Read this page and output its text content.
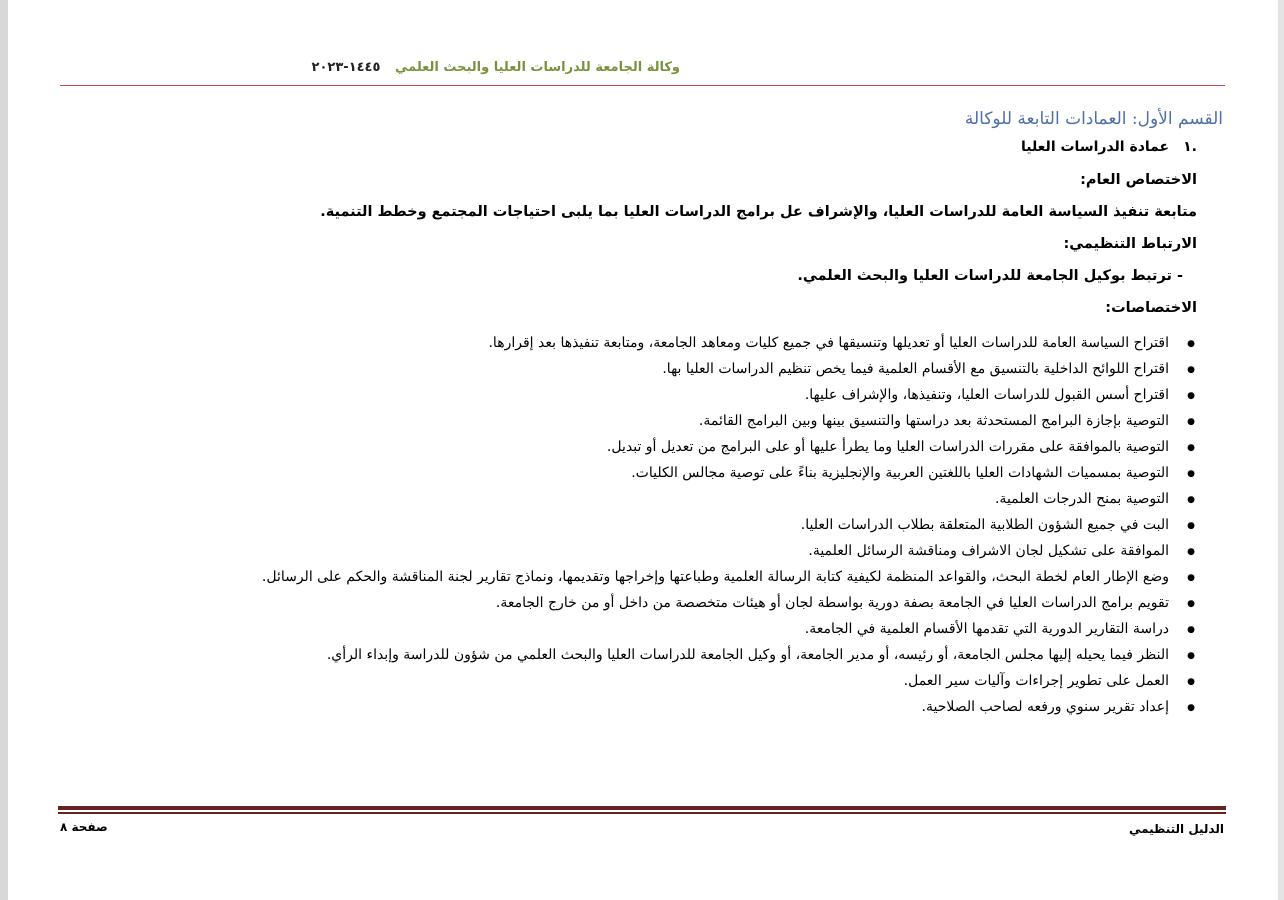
وكالة الجامعة للدراسات العليا والبحث العلمي ١٤٤٥-٢٠٢٣
القسم الأول: العمادات التابعة للوكالة
.١عمادة الدراسات العليا
الاختصاص العام:
متابعة تنفيذ السياسة العامة للدراسات العليا، والإشراف عل برامج الدراسات العليا بما يلبى احتياجات المجتمع وخطط التنمية.
الارتباط التنظيمي:
- ترتبط بوكيل الجامعة للدراسات العليا والبحث العلمي.
الاختصاصات:
● اقتراح السياسة العامة للدراسات العليا أو تعديلها وتنسيقها في جميع كليات ومعاهد الجامعة، ومتابعة تنفيذها بعد إقرارها.
● اقتراح اللوائح الداخلية بالتنسيق مع الأقسام العلمية فيما يخص تنظيم الدراسات العليا بها.
● اقتراح أسس القبول للدراسات العليا، وتنفيذها، والإشراف عليها.
● التوصية بإجازة البرامج المستحدثة بعد دراستها والتنسيق بينها وبين البرامج القائمة.
● التوصية بالموافقة على مقررات الدراسات العليا وما يطرأ عليها أو على البرامج من تعديل أو تبديل.
● التوصية بمسميات الشهادات العليا باللغتين العربية والإنجليزية بناءً على توصية مجالس الكليات.
● التوصية بمنح الدرجات العلمية.
● البت في جميع الشؤون الطلابية المتعلقة بطلاب الدراسات العليا.
● الموافقة على تشكيل لجان الاشراف ومناقشة الرسائل العلمية.
● وضع الإطار العام لخطة البحث، والقواعد المنظمة لكيفية كتابة الرسالة العلمية وطباعتها وإخراجها وتقديمها، ونماذج تقارير لجنة المناقشة والحكم على الرسائل.
● تقويم برامج الدراسات العليا في الجامعة بصفة دورية بواسطة لجان أو هيئات متخصصة من داخل أو من خارج الجامعة.
● دراسة التقارير الدورية التي تقدمها الأقسام العلمية في الجامعة.
● النظر فيما يحيله إليها مجلس الجامعة، أو رئيسه، أو مدير الجامعة، أو وكيل الجامعة للدراسات العليا والبحث العلمي من شؤون للدراسة وإبداء الرأي.
● العمل على تطوير إجراءات وآليات سير العمل.
● إعداد تقرير سنوي ورفعه لصاحب الصلاحية.
صفحة ٨	الدليل التنظيمي
